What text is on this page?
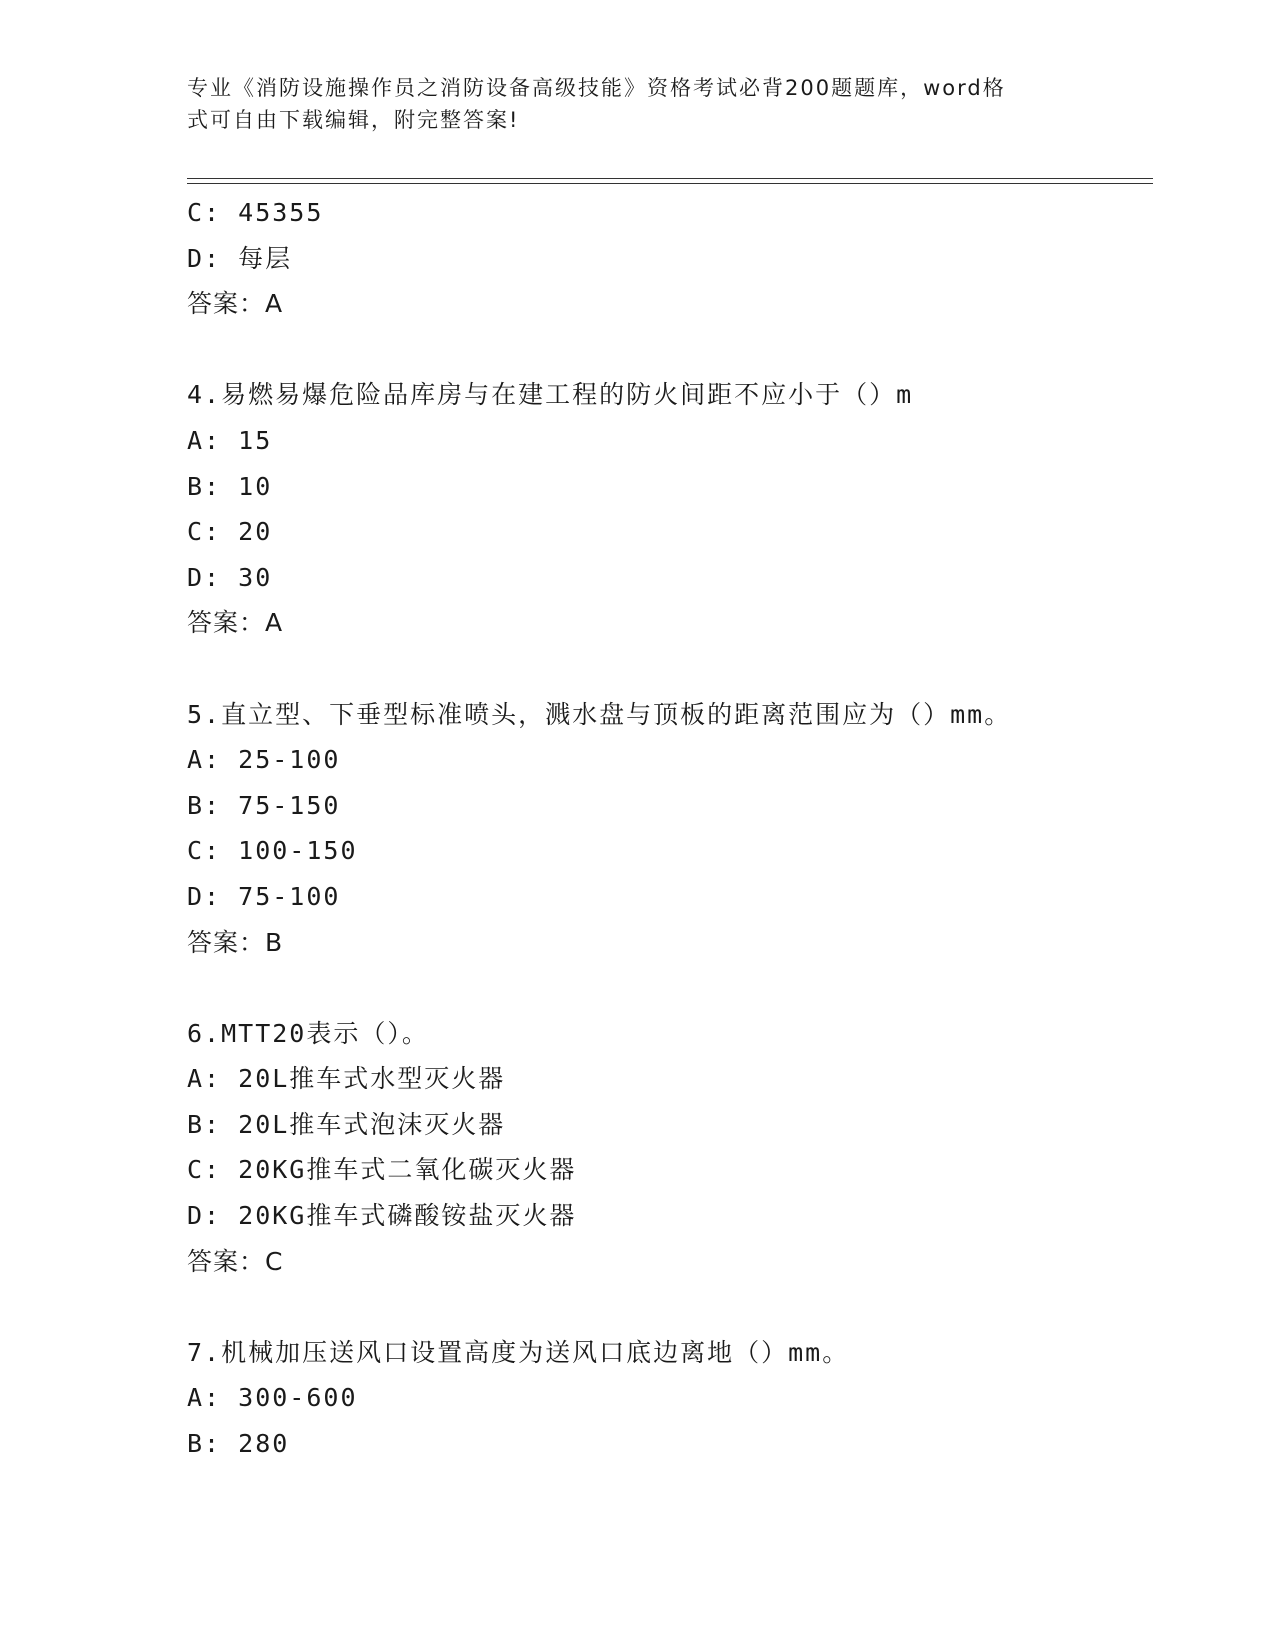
专业《消防设施操作员之消防设备高级技能》资格考试必背200题题库，word格
式可自由下载编辑，附完整答案!
C: 45355
D: 每层
答案：A
4.易燃易爆危险品库房与在建工程的防火间距不应小于（）m
A: 15
B: 10
C: 20
D: 30
答案：A
5.直立型、下垂型标准喷头，溅水盘与顶板的距离范围应为（）mm。
A: 25-100
B: 75-150
C: 100-150
D: 75-100
答案：B
6.MTT20表示（）。
A: 20L推车式水型灭火器
B: 20L推车式泡沫灭火器
C: 20KG推车式二氧化碳灭火器
D: 20KG推车式磷酸铵盐灭火器
答案：C
7.机械加压送风口设置高度为送风口底边离地（）mm。
A: 300-600
B: 280
